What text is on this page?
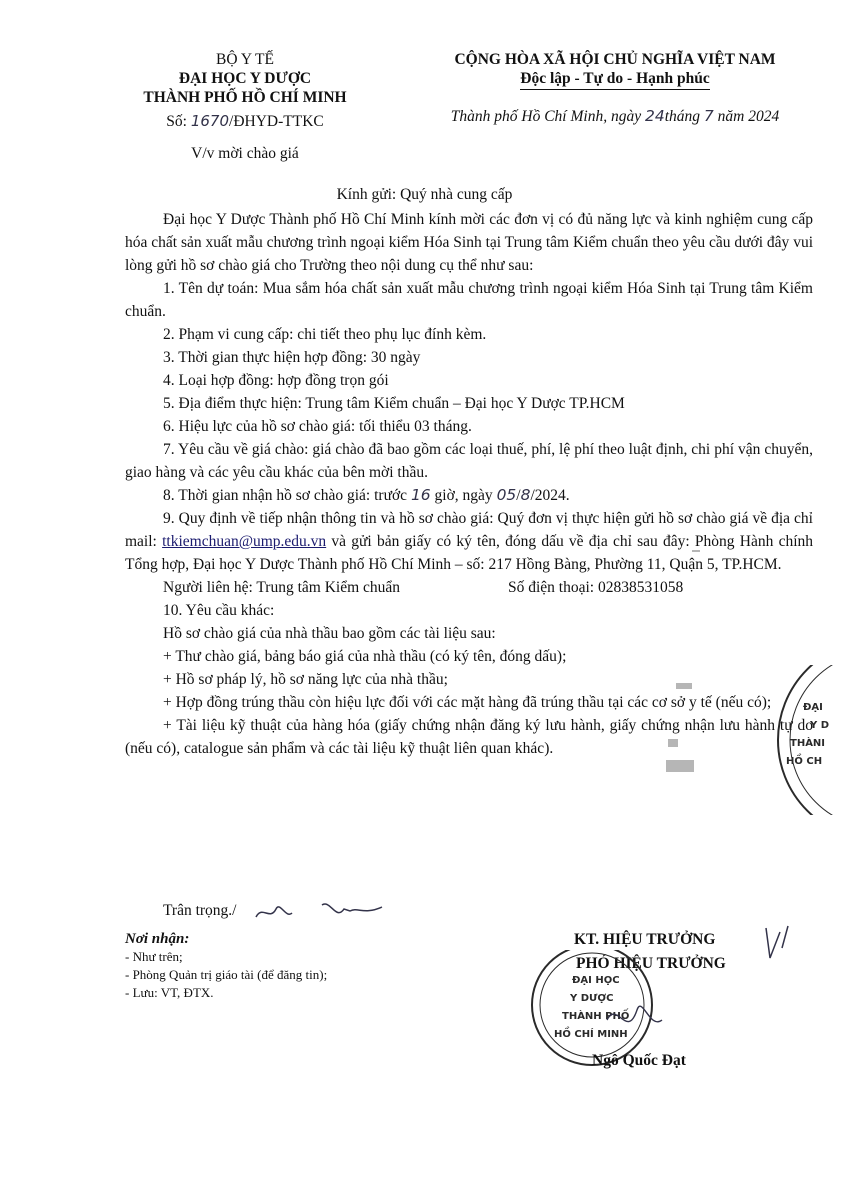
BỘ Y TẾ
ĐẠI HỌC Y DƯỢC
THÀNH PHỐ HỒ CHÍ MINH
Số: 1670/ĐHYD-TTKC
V/v mời chào giá
CỘNG HÒA XÃ HỘI CHỦ NGHĨA VIỆT NAM
Độc lập - Tự do - Hạnh phúc
Thành phố Hồ Chí Minh, ngày 24tháng 7 năm 2024
Kính gửi: Quý nhà cung cấp

Đại học Y Dược Thành phố Hồ Chí Minh kính mời các đơn vị có đủ năng lực và kinh nghiệm cung cấp hóa chất sản xuất mẫu chương trình ngoại kiểm Hóa Sinh tại Trung tâm Kiểm chuẩn theo yêu cầu dưới đây vui lòng gửi hồ sơ chào giá cho Trường theo nội dung cụ thể như sau:

1. Tên dự toán: Mua sắm hóa chất sản xuất mẫu chương trình ngoại kiểm Hóa Sinh tại Trung tâm Kiểm chuẩn.

2. Phạm vi cung cấp: chi tiết theo phụ lục đính kèm.

3. Thời gian thực hiện hợp đồng: 30 ngày

4. Loại hợp đồng: hợp đồng trọn gói

5. Địa điểm thực hiện: Trung tâm Kiểm chuẩn – Đại học Y Dược TP.HCM

6. Hiệu lực của hồ sơ chào giá: tối thiểu 03 tháng.

7. Yêu cầu về giá chào: giá chào đã bao gồm các loại thuế, phí, lệ phí theo luật định, chi phí vận chuyển, giao hàng và các yêu cầu khác của bên mời thầu.

8. Thời gian nhận hồ sơ chào giá: trước 16 giờ, ngày 05/8/2024.

9. Quy định về tiếp nhận thông tin và hồ sơ chào giá: Quý đơn vị thực hiện gửi hồ sơ chào giá về địa chỉ mail: ttkiemchuan@ump.edu.vn và gửi bản giấy có ký tên, đóng dấu về địa chỉ sau đây: Phòng Hành chính Tổng hợp, Đại học Y Dược Thành phố Hồ Chí Minh – số: 217 Hồng Bàng, Phường 11, Quận 5, TP.HCM.

Người liên hệ: Trung tâm Kiểm chuẩn	Số điện thoại: 02838531058

10. Yêu cầu khác:

Hồ sơ chào giá của nhà thầu bao gồm các tài liệu sau:

+ Thư chào giá, bảng báo giá của nhà thầu (có ký tên, đóng dấu);

+ Hồ sơ pháp lý, hồ sơ năng lực của nhà thầu;

+ Hợp đồng trúng thầu còn hiệu lực đối với các mặt hàng đã trúng thầu tại các cơ sở y tế (nếu có);

+ Tài liệu kỹ thuật của hàng hóa (giấy chứng nhận đăng ký lưu hành, giấy chứng nhận lưu hành tự do (nếu có), catalogue sản phẩm và các tài liệu kỹ thuật liên quan khác).

Trân trọng./
Nơi nhận:
- Như trên;
- Phòng Quản trị giáo tài (để đăng tin);
- Lưu: VT, ĐTX.
KT. HIỆU TRƯỞNG
PHÓ HIỆU TRƯỞNG
ĐẠI HỌC
Y DƯỢC
THÀNH PHỐ
HỒ CHÍ MINH
Ngô Quốc Đạt
ĐẠI
Y D
THÀNI
HỒ CH
